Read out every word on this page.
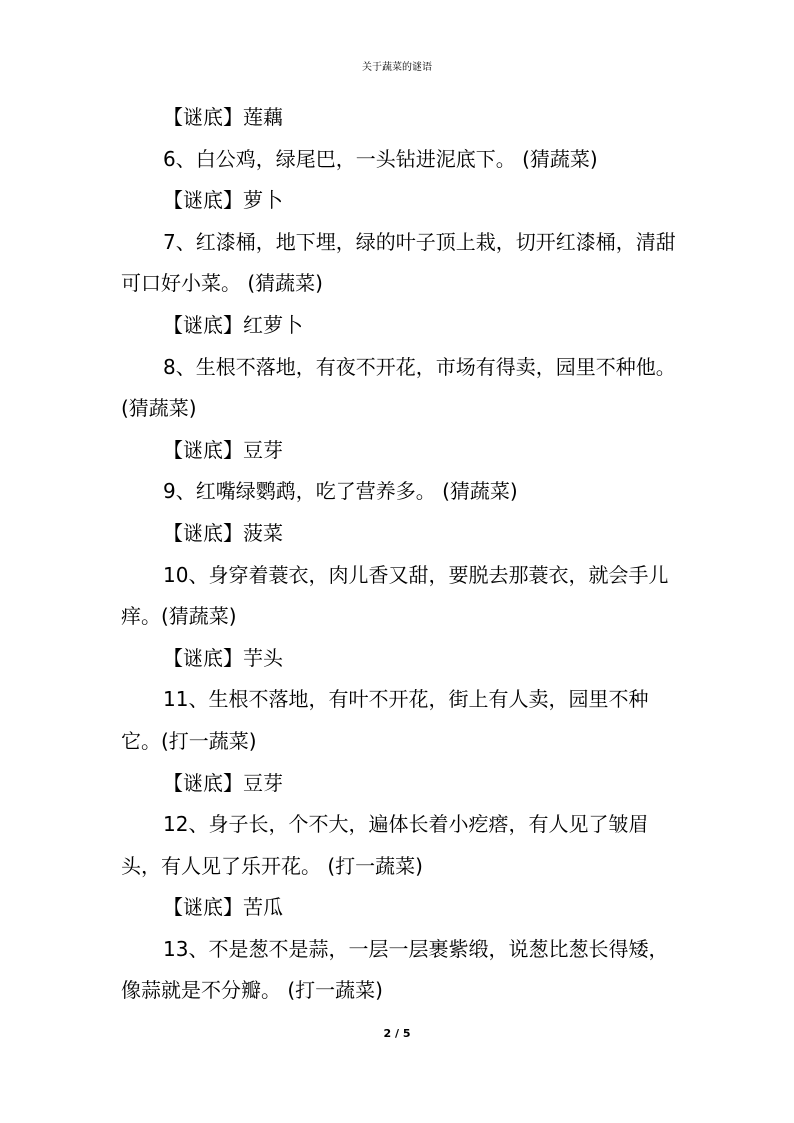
关于蔬菜的谜语

【谜底】莲藕

6、白公鸡，绿尾巴，一头钻进泥底下。 (猜蔬菜)

【谜底】萝卜

7、红漆桶，地下埋，绿的叶子顶上栽，切开红漆桶，清甜可口好小菜。 (猜蔬菜)

【谜底】红萝卜

8、生根不落地，有夜不开花，市场有得卖，园里不种他。(猜蔬菜)

【谜底】豆芽

9、红嘴绿鹦鹉，吃了营养多。 (猜蔬菜)

【谜底】菠菜

10、身穿着蓑衣，肉儿香又甜，要脱去那蓑衣，就会手儿痒。(猜蔬菜)

【谜底】芋头

11、生根不落地，有叶不开花，街上有人卖，园里不种它。(打一蔬菜)

【谜底】豆芽

12、身子长，个不大，遍体长着小疙瘩，有人见了皱眉头，有人见了乐开花。 (打一蔬菜)

【谜底】苦瓜

13、不是葱不是蒜，一层一层裹紫缎，说葱比葱长得矮，像蒜就是不分瓣。 (打一蔬菜)

2 / 5
